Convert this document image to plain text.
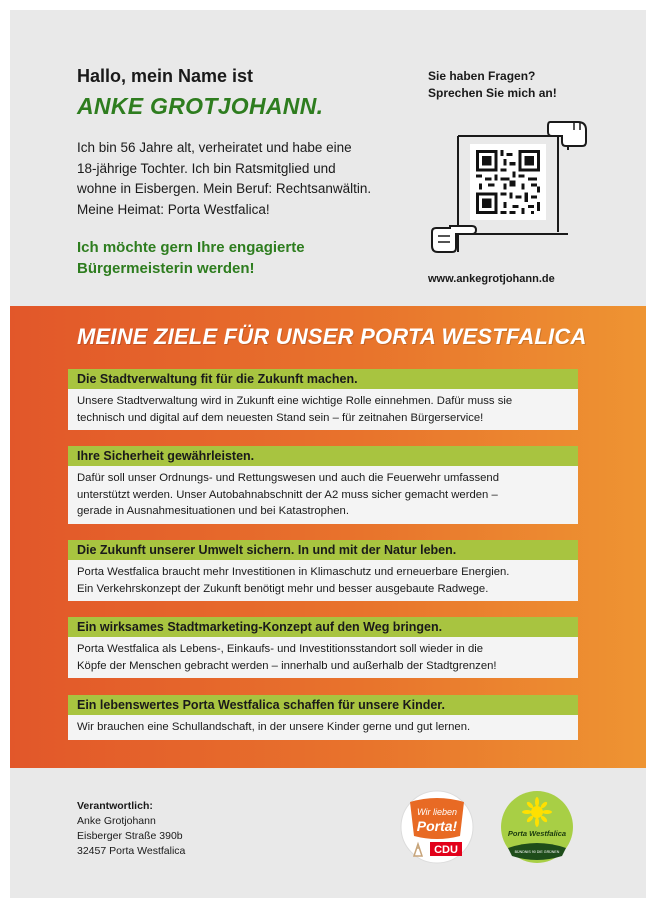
Hallo, mein Name ist

ANKE GROTJOHANN.

Ich bin 56 Jahre alt, verheiratet und habe eine
18-jährige Tochter. Ich bin Ratsmitglied und
wohne in Eisbergen. Mein Beruf: Rechtsanwältin.
Meine Heimat: Porta Westfalica!

Ich möchte gern Ihre engagierte
Bürgermeisterin werden!

Sie haben Fragen?
Sprechen Sie mich an!

www.ankegrotjohann.de
MEINE ZIELE FÜR UNSER PORTA WESTFALICA
Die Stadtverwaltung fit für die Zukunft machen.
Unsere Stadtverwaltung wird in Zukunft eine wichtige Rolle einnehmen. Dafür muss sie
technisch und digital auf dem neuesten Stand sein – für zeitnahen Bürgerservice!
Ihre Sicherheit gewährleisten.
Dafür soll unser Ordnungs- und Rettungswesen und auch die Feuerwehr umfassend
unterstützt werden. Unser Autobahnabschnitt der A2 muss sicher gemacht werden –
gerade in Ausnahmesituationen und bei Katastrophen.
Die Zukunft unserer Umwelt sichern. In und mit der Natur leben.
Porta Westfalica braucht mehr Investitionen in Klimaschutz und erneuerbare Energien.
Ein Verkehrskonzept der Zukunft benötigt mehr und besser ausgebaute Radwege.
Ein wirksames Stadtmarketing-Konzept auf den Weg bringen.
Porta Westfalica als Lebens-, Einkaufs- und Investitionsstandort soll wieder in die
Köpfe der Menschen gebracht werden – innerhalb und außerhalb der Stadtgrenzen!
Ein lebenswertes Porta Westfalica schaffen für unsere Kinder.
Wir brauchen eine Schullandschaft, in der unsere Kinder gerne und gut lernen.
Verantwortlich:
Anke Grotjohann
Eisberger Straße 390b
32457 Porta Westfalica
Wir lieben
Porta!
CDU
Porta Westfalica
BÜNDNIS 90 DIE GRÜNEN
